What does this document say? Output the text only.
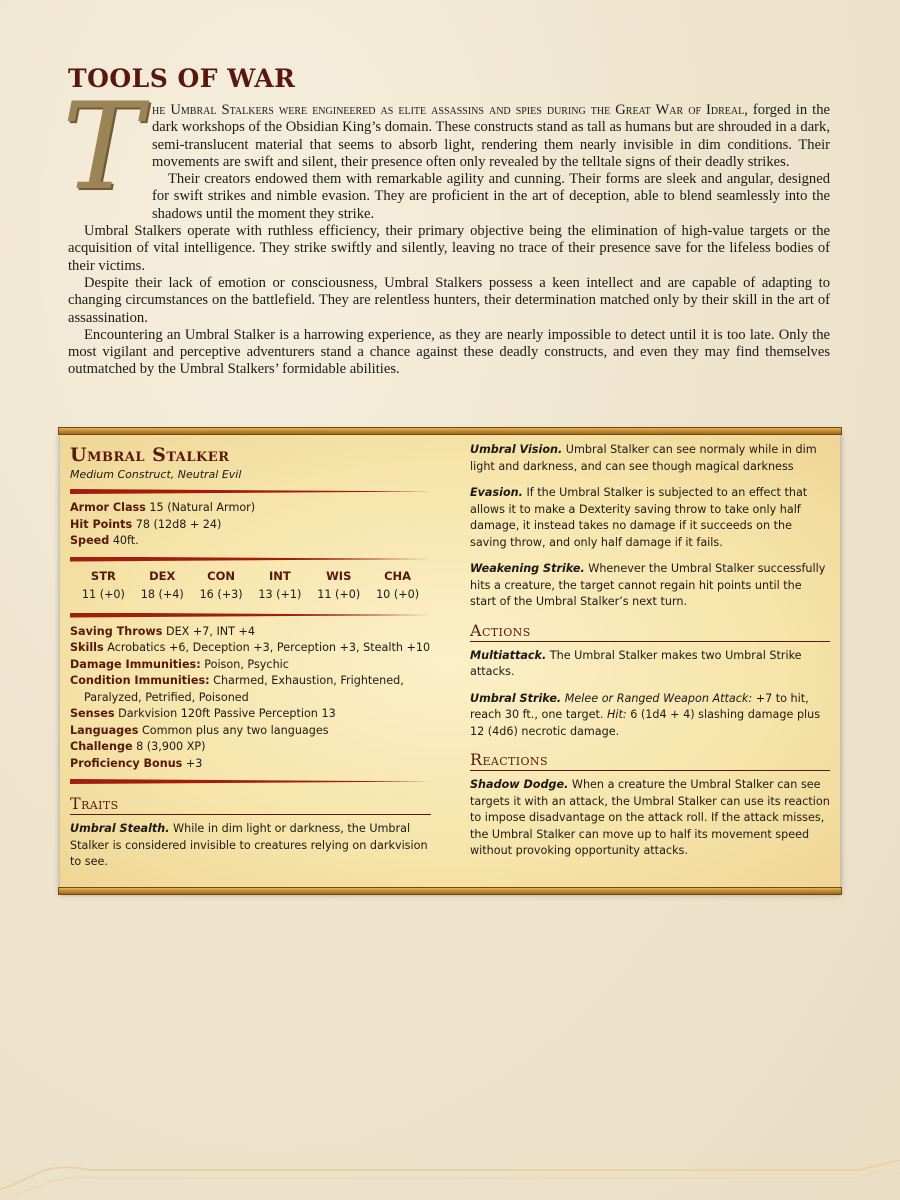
TOOLS OF WAR
T he Umbral Stalkers were engineered as elite assassins and spies during the Great War of Idreal, forged in the dark workshops of the Obsidian King’s domain. These constructs stand as tall as humans but are shrouded in a dark, semi-translucent material that seems to absorb light, rendering them nearly invisible in dim conditions. Their movements are swift and silent, their presence often only revealed by the telltale signs of their deadly strikes.

Their creators endowed them with remarkable agility and cunning. Their forms are sleek and angular, designed for swift strikes and nimble evasion. They are proficient in the art of deception, able to blend seamlessly into the shadows until the moment they strike.

Umbral Stalkers operate with ruthless efficiency, their primary objective being the elimination of high-value targets or the acquisition of vital intelligence. They strike swiftly and silently, leaving no trace of their presence save for the lifeless bodies of their victims.

Despite their lack of emotion or consciousness, Umbral Stalkers possess a keen intellect and are capable of adapting to changing circumstances on the battlefield. They are relentless hunters, their determination matched only by their skill in the art of assassination.

Encountering an Umbral Stalker is a harrowing experience, as they are nearly impossible to detect until it is too late. Only the most vigilant and perceptive adventurers stand a chance against these deadly constructs, and even they may find themselves outmatched by the Umbral Stalkers’ formidable abilities.

Umbral Stalker
Medium Construct, Neutral Evil
Armor Class 15 (Natural Armor)
Hit Points 78 (12d8 + 24)
Speed 40ft.
STR	DEX	CON	INT	WIS	CHA
11 (+0)	18 (+4)	16 (+3)	13 (+1)	11 (+0)	10 (+0)
Saving Throws DEX +7, INT +4
Skills Acrobatics +6, Deception +3, Perception +3, Stealth +10
Damage Immunities: Poison, Psychic
Condition Immunities: Charmed, Exhaustion, Frightened, Paralyzed, Petrified, Poisoned
Senses Darkvision 120ft Passive Perception 13
Languages Common plus any two languages
Challenge 8 (3,900 XP)
Proficiency Bonus +3
Traits
Umbral Stealth. While in dim light or darkness, the Umbral Stalker is considered invisible to creatures relying on darkvision to see.
Umbral Vision. Umbral Stalker can see normaly while in dim light and darkness, and can see though magical darkness
Evasion. If the Umbral Stalker is subjected to an effect that allows it to make a Dexterity saving throw to take only half damage, it instead takes no damage if it succeeds on the saving throw, and only half damage if it fails.
Weakening Strike. Whenever the Umbral Stalker successfully hits a creature, the target cannot regain hit points until the start of the Umbral Stalker’s next turn.
Actions
Multiattack. The Umbral Stalker makes two Umbral Strike attacks.
Umbral Strike. Melee or Ranged Weapon Attack: +7 to hit, reach 30 ft., one target. Hit: 6 (1d4 + 4) slashing damage plus 12 (4d6) necrotic damage.
Reactions
Shadow Dodge. When a creature the Umbral Stalker can see targets it with an attack, the Umbral Stalker can use its reaction to impose disadvantage on the attack roll. If the attack misses, the Umbral Stalker can move up to half its movement speed without provoking opportunity attacks.
